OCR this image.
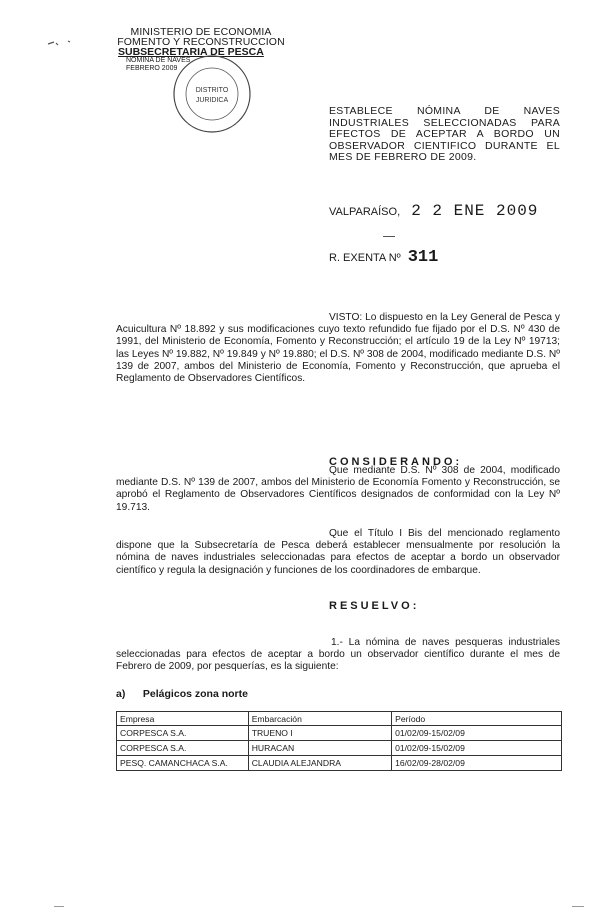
MINISTERIO DE ECONOMIA
FOMENTO Y RECONSTRUCCION
SUBSECRETARIA DE PESCA
NOMINA DE NAVES
FEBRERO 2009
DISTRITO
JURIDICA
ESTABLECE NÓMINA DE NAVES INDUSTRIALES SELECCIONADAS PARA EFECTOS DE ACEPTAR A BORDO UN OBSERVADOR CIENTIFICO DURANTE EL MES DE FEBRERO DE 2009.
VALPARAÍSO, 2 2 ENE 2009
R. EXENTA Nº 311
VISTO: Lo dispuesto en la Ley General de Pesca y Acuicultura Nº 18.892 y sus modificaciones cuyo texto refundido fue fijado por el D.S. Nº 430 de 1991, del Ministerio de Economía, Fomento y Reconstrucción; el artículo 19 de la Ley Nº 19713; las Leyes Nº 19.882, Nº 19.849 y Nº 19.880; el D.S. Nº 308 de 2004, modificado mediante D.S. Nº 139 de 2007, ambos del Ministerio de Economía, Fomento y Reconstrucción, que aprueba el Reglamento de Observadores Científicos.
CONSIDERANDO:
Que mediante D.S. Nº 308 de 2004, modificado mediante D.S. Nº 139 de 2007, ambos del Ministerio de Economía Fomento y Reconstrucción, se aprobó el Reglamento de Observadores Científicos designados de conformidad con la Ley Nº 19.713.
Que el Título I Bis del mencionado reglamento dispone que la Subsecretaría de Pesca deberá establecer mensualmente por resolución la nómina de naves industriales seleccionadas para efectos de aceptar a bordo un observador científico y regula la designación y funciones de los coordinadores de embarque.
RESUELVO:
1.- La nómina de naves pesqueras industriales seleccionadas para efectos de aceptar a bordo un observador científico durante el mes de Febrero de 2009, por pesquerías, es la siguiente:
a) Pelágicos zona norte
Empresa	Embarcación	Período
CORPESCA S.A.	TRUENO I	01/02/09-15/02/09
CORPESCA S.A.	HURACAN	01/02/09-15/02/09
PESQ. CAMANCHACA S.A.	CLAUDIA ALEJANDRA	16/02/09-28/02/09
